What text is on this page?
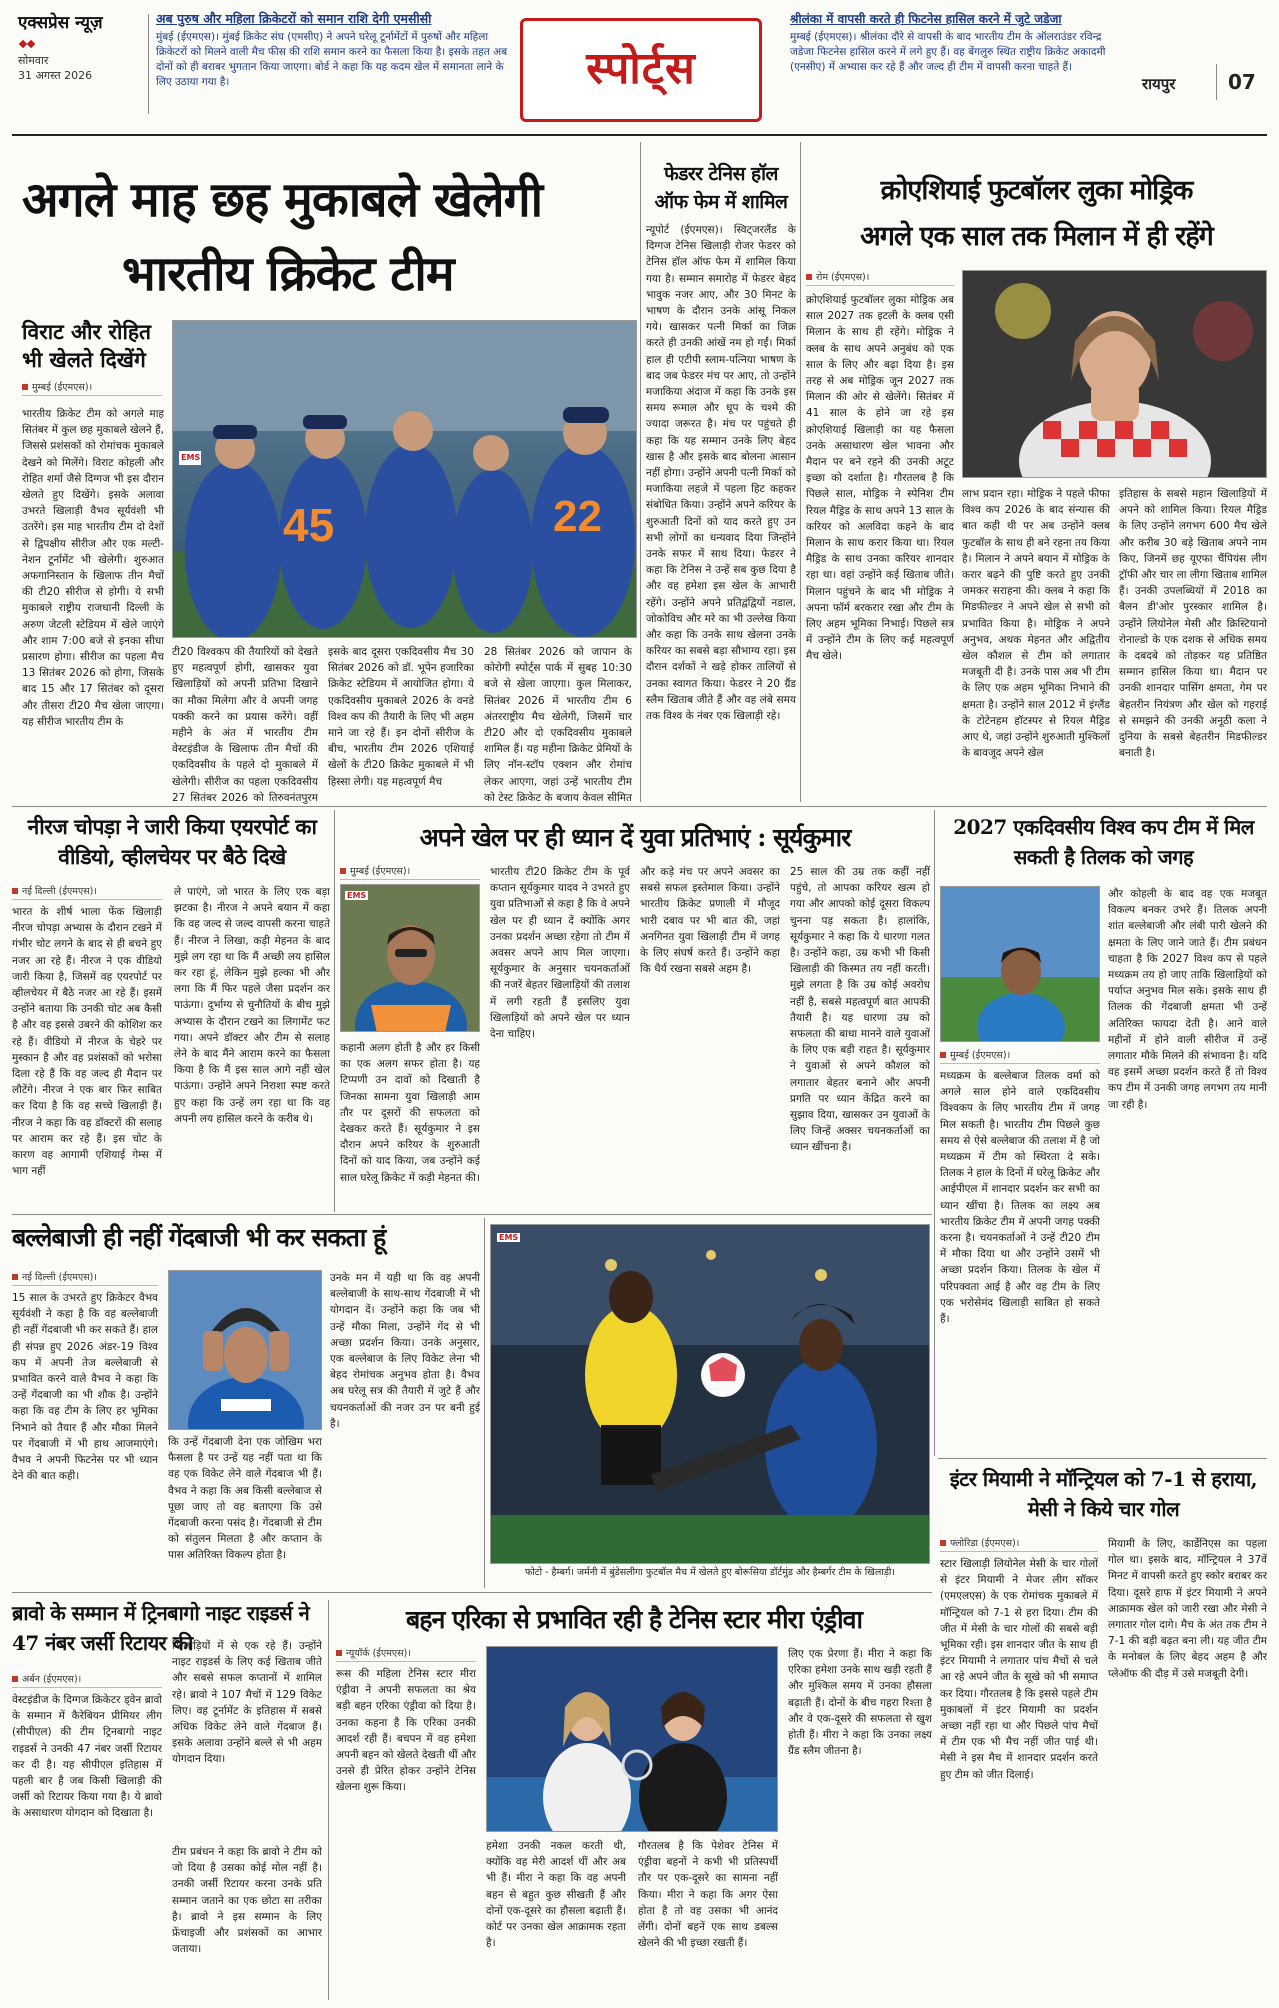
एक्सप्रेस न्यूज़
सोमवार
31 अगस्त 2026
अब पुरुष और महिला क्रिकेटरों को समान राशि देगी एमसीसी
मुंबई (ईएमएस)। मुंबई क्रिकेट संघ (एमसीए) ने अपने घरेलू टूर्नामेंटों में पुरुषों और महिला क्रिकेटरों को मिलने वाली मैच फीस की राशि समान करने का फैसला किया है। इसके तहत अब दोनों को ही बराबर भुगतान किया जाएगा। बोर्ड ने कहा कि यह कदम खेल में समानता लाने के लिए उठाया गया है।	स्पोर्ट्स
श्रीलंका में वापसी करते ही फिटनेस हासिल करने में जुटे जडेजा
मुम्बई (ईएमएस)। श्रीलंका दौरे से वापसी के बाद भारतीय टीम के ऑलराउंडर रविन्द्र जडेजा फिटनेस हासिल करने में लगे हुए हैं। वह बेंगलुरु स्थित राष्ट्रीय क्रिकेट अकादमी (एनसीए) में अभ्यास कर रहे हैं और जल्द ही टीम में वापसी करना चाहते हैं।
रायपुर	07
अगले माह छह मुकाबले खेलेगी
भारतीय क्रिकेट टीम
विराट और रोहित भी खेलते दिखेंगे
मुम्बई (ईएमएस)।
45	22
EMS
भारतीय क्रिकेट टीम को अगले माह सितंबर में कुल छह मुकाबले खेलने हैं, जिससे प्रशंसकों को रोमांचक मुकाबले देखने को मिलेंगे। विराट कोहली और रोहित शर्मा जैसे दिग्गज भी इस दौरान खेलते हुए दिखेंगे। इसके अलावा उभरते खिलाड़ी वैभव सूर्यवंशी भी उतरेंगे। इस माह भारतीय टीम दो देशों से द्विपक्षीय सीरीज और एक मल्टी-नेशन टूर्नामेंट भी खेलेगी। शुरुआत अफगानिस्तान के खिलाफ तीन मैचों की टी20 सीरीज से होगी। ये सभी मुकाबले राष्ट्रीय राजधानी दिल्ली के अरुण जेटली स्टेडियम में खेले जाएंगे और शाम 7:00 बजे से इनका सीधा प्रसारण होगा। सीरीज का पहला मैच 13 सितंबर 2026 को होगा, जिसके बाद 15 और 17 सितंबर को दूसरा और तीसरा टी20 मैच खेला जाएगा। यह सीरीज भारतीय टीम के
टी20 विश्वकप की तैयारियों को देखते हुए महत्वपूर्ण होगी, खासकर युवा खिलाड़ियों को अपनी प्रतिभा दिखाने का मौका मिलेगा और वे अपनी जगह पक्की करने का प्रयास करेंगे। वहीं महीने के अंत में भारतीय टीम वेस्टइंडीज के खिलाफ तीन मैचों की एकदिवसीय के पहले दो मुकाबले में खेलेगी। सीरीज का पहला एकदिवसीय 27 सितंबर 2026 को तिरुवनंतपुरम
इसके बाद दूसरा एकदिवसीय मैच 30 सितंबर 2026 को डॉ. भूपेन हजारिका क्रिकेट स्टेडियम में आयोजित होगा। ये एकदिवसीय मुकाबले 2026 के वनडे विश्व कप की तैयारी के लिए भी अहम माने जा रहे हैं। इन दोनों सीरीज के बीच, भारतीय टीम 2026 एशियाई खेलों के टी20 क्रिकेट मुकाबले में भी हिस्सा लेगी। यह महत्वपूर्ण मैच
28 सितंबर 2026 को जापान के कोरोगी स्पोर्ट्स पार्क में सुबह 10:30 बजे से खेला जाएगा। कुल मिलाकर, सितंबर 2026 में भारतीय टीम 6 अंतरराष्ट्रीय मैच खेलेगी, जिसमें चार टी20 और दो एकदिवसीय मुकाबले शामिल हैं। यह महीना क्रिकेट प्रेमियों के लिए नॉन-स्टॉप एक्शन और रोमांच लेकर आएगा, जहां उन्हें भारतीय टीम को टेस्ट क्रिकेट के बजाय केवल सीमित
फेडरर टेनिस हॉल ऑफ फेम में शामिल
न्यूपोर्ट (ईएमएस)। स्विट्जरलैंड के दिग्गज टेनिस खिलाड़ी रोजर फेडरर को टेनिस हॉल ऑफ फेम में शामिल किया गया है। सम्मान समारोह में फेडरर बेहद भावुक नजर आए, और 30 मिनट के भाषण के दौरान उनके आंसू निकल गये। खासकर पत्नी मिर्का का जिक्र करते ही उनकी आंखें नम हो गईं। मिर्का हाल ही एटीपी स्लाम-पत्निया भाषण के बाद जब फेडरर मंच पर आए, तो उन्होंने मजाकिया अंदाज में कहा कि उनके इस समय रूमाल और धूप के चश्मे की ज्यादा जरूरत है। मंच पर पहुंचते ही कहा कि यह सम्मान उनके लिए बेहद खास है और इसके बाद बोलना आसान नहीं होगा। उन्होंने अपनी पत्नी मिर्का को मजाकिया लहजे में पहला हिट कहकर संबोधित किया। उन्होंने अपने करियर के शुरुआती दिनों को याद करते हुए उन सभी लोगों का धन्यवाद दिया जिन्होंने उनके सफर में साथ दिया। फेडरर ने कहा कि टेनिस ने उन्हें सब कुछ दिया है और वह हमेशा इस खेल के आभारी रहेंगे। उन्होंने अपने प्रतिद्वंद्वियों नडाल, जोकोविच और मरे का भी उल्लेख किया और कहा कि उनके साथ खेलना उनके करियर का सबसे बड़ा सौभाग्य रहा। इस दौरान दर्शकों ने खड़े होकर तालियों से उनका स्वागत किया। फेडरर ने 20 ग्रैंड स्लैम खिताब जीते हैं और वह लंबे समय तक विश्व के नंबर एक खिलाड़ी रहे।
क्रोएशियाई फुटबॉलर लुका मोड्रिक
अगले एक साल तक मिलान में ही रहेंगे
रोम (ईएमएस)।
क्रोएशियाई फुटबॉलर लुका मोड्रिक अब साल 2027 तक इटली के क्लब एसी मिलान के साथ ही रहेंगे। मोड्रिक ने क्लब के साथ अपने अनुबंध को एक साल के लिए और बढ़ा दिया है। इस तरह से अब मोड्रिक जून 2027 तक मिलान की ओर से खेलेंगे। सितंबर में 41 साल के होने जा रहे इस क्रोएशियाई खिलाड़ी का यह फैसला उनके असाधारण खेल भावना और मैदान पर बने रहने की उनकी अटूट इच्छा को दर्शाता है। गौरतलब है कि पिछले साल, मोड्रिक ने स्पेनिश टीम रियल मैड्रिड के साथ अपने 13 साल के करियर को अलविदा कहने के बाद मिलान के साथ करार किया था। रियल मैड्रिड के साथ उनका करियर शानदार रहा था। वहां उन्होंने कई खिताब जीते। मिलान पहुंचने के बाद भी मोड्रिक ने अपना फॉर्म बरकरार रखा और टीम के लिए अहम भूमिका निभाई। पिछले सत्र में उन्होंने टीम के लिए कई महत्वपूर्ण मैच खेले।
लाभ प्रदान रहा। मोड्रिक ने पहले फीफा विश्व कप 2026 के बाद संन्यास की बात कही थी पर अब उन्होंने क्लब फुटबॉल के साथ ही बने रहना तय किया है। मिलान ने अपने बयान में मोड्रिक के करार बढ़ने की पुष्टि करते हुए उनकी जमकर सराहना की। क्लब ने कहा कि मिडफील्डर ने अपने खेल से सभी को प्रभावित किया है। मोड्रिक ने अपने अनुभव, अथक मेहनत और अद्वितीय खेल कौशल से टीम को लगातार मजबूती दी है। उनके पास अब भी टीम के लिए एक अहम भूमिका निभाने की क्षमता है। उन्होंने साल 2012 में इंग्लैंड के टोटेनहम हॉटस्पर से रियल मैड्रिड आए थे, जहां उन्होंने शुरुआती मुश्किलों के बावजूद अपने खेल
इतिहास के सबसे महान खिलाड़ियों में अपने को शामिल किया। रियल मैड्रिड के लिए उन्होंने लगभग 600 मैच खेले और करीब 30 बड़े खिताब अपने नाम किए, जिनमें छह यूएफा चैंपियंस लीग ट्रॉफी और चार ला लीगा खिताब शामिल हैं। उनकी उपलब्धियों में 2018 का बैलन डी'ओर पुरस्कार शामिल है। उन्होंने लियोनेल मेसी और क्रिस्टियानो रोनाल्डो के एक दशक से अधिक समय के दबदबे को तोड़कर यह प्रतिष्ठित सम्मान हासिल किया था। मैदान पर उनकी शानदार पासिंग क्षमता, गेम पर बेहतरीन नियंत्रण और खेल को गहराई से समझने की उनकी अनूठी कला ने दुनिया के सबसे बेहतरीन मिडफील्डर बनाती है।
नीरज चोपड़ा ने जारी किया एयरपोर्ट का वीडियो, व्हीलचेयर पर बैठे दिखे
नई दिल्ली (ईएमएस)।
भारत के शीर्ष भाला फेंक खिलाड़ी नीरज चोपड़ा अभ्यास के दौरान टखने में गंभीर चोट लगने के बाद से ही बचने हुए नजर आ रहे हैं। नीरज ने एक वीडियो जारी किया है, जिसमें वह एयरपोर्ट पर व्हीलचेयर में बैठे नजर आ रहे हैं। इसमें उन्होंने बताया कि उनकी चोट अब कैसी है और वह इससे उबरने की कोशिश कर रहे हैं। वीडियो में नीरज के चेहरे पर मुस्कान है और वह प्रशंसकों को भरोसा दिला रहे हैं कि वह जल्द ही मैदान पर लौटेंगे। नीरज ने एक बार फिर साबित कर दिया है कि वह सच्चे खिलाड़ी हैं। नीरज ने कहा कि वह डॉक्टरों की सलाह पर आराम कर रहे हैं। इस चोट के कारण वह आगामी एशियाई गेम्स में भाग नहीं
ले पाएंगे, जो भारत के लिए एक बड़ा झटका है। नीरज ने अपने बयान में कहा कि वह जल्द से जल्द वापसी करना चाहते हैं। नीरज ने लिखा, कड़ी मेहनत के बाद मुझे लग रहा था कि मैं अच्छी लय हासिल कर रहा हूं, लेकिन मुझे हल्का भी और लगा कि मैं फिर पहले जैसा प्रदर्शन कर पाऊंगा। दुर्भाग्य से चुनौतियों के बीच मुझे अभ्यास के दौरान टखने का लिगामेंट फट गया। अपने डॉक्टर और टीम से सलाह लेने के बाद मैंने आराम करने का फैसला किया है कि मैं इस साल आगे नहीं खेल पाऊंगा। उन्होंने अपने निराशा स्पष्ट करते हुए कहा कि उन्हें लग रहा था कि वह अपनी लय हासिल करने के करीब थे।
अपने खेल पर ही ध्यान दें युवा प्रतिभाएं : सूर्यकुमार
मुम्बई (ईएमएस)।
EMS
भारतीय टी20 क्रिकेट टीम के पूर्व कप्तान सूर्यकुमार यादव ने उभरते हुए युवा प्रतिभाओं से कहा है कि वे अपने खेल पर ही ध्यान दें क्योंकि अगर उनका प्रदर्शन अच्छा रहेगा तो टीम में अवसर अपने आप मिल जाएगा। सूर्यकुमार के अनुसार चयनकर्ताओं की नजरें बेहतर खिलाड़ियों की तलाश में लगी रहती हैं इसलिए युवा खिलाड़ियों को अपने खेल पर ध्यान देना चाहिए।
कहानी अलग होती है और हर किसी का एक अलग सफर होता है। यह टिप्पणी उन दावों को दिखाती है जिनका सामना युवा खिलाड़ी आम तौर पर दूसरों की सफलता को देखकर करते हैं। सूर्यकुमार ने इस दौरान अपने करियर के शुरुआती दिनों को याद किया, जब उन्होंने कई साल घरेलू क्रिकेट में कड़ी मेहनत की।
और कड़े मंच पर अपने अवसर का सबसे सफल इस्तेमाल किया। उन्होंने भारतीय क्रिकेट प्रणाली में मौजूद भारी दबाव पर भी बात की, जहां अनगिनत युवा खिलाड़ी टीम में जगह के लिए संघर्ष करते हैं। उन्होंने कहा कि धैर्य रखना सबसे अहम है।
25 साल की उम्र तक कहीं नहीं पहुंचे, तो आपका करियर खत्म हो गया और आपको कोई दूसरा विकल्प चुनना पड़ सकता है। हालांकि, सूर्यकुमार ने कहा कि ये धारणा गलत है। उन्होंने कहा, उम्र कभी भी किसी खिलाड़ी की किस्मत तय नहीं करती। मुझे लगता है कि उम्र कोई अवरोध नहीं है, सबसे महत्वपूर्ण बात आपकी तैयारी है। यह धारणा उम्र को सफलता की बाधा मानने वाले युवाओं के लिए एक बड़ी राहत है। सूर्यकुमार ने युवाओं से अपने कौशल को लगातार बेहतर बनाने और अपनी प्रगति पर ध्यान केंद्रित करने का सुझाव दिया, खासकर उन युवाओं के लिए जिन्हें अक्सर चयनकर्ताओं का ध्यान खींचना है।
2027 एकदिवसीय विश्व कप टीम में मिल सकती है तिलक को जगह
और कोहली के बाद वह एक मजबूत विकल्प बनकर उभरे हैं। तिलक अपनी शांत बल्लेबाजी और लंबी पारी खेलने की क्षमता के लिए जाने जाते हैं। टीम प्रबंधन चाहता है कि 2027 विश्व कप से पहले मध्यक्रम तय हो जाए ताकि खिलाड़ियों को पर्याप्त अनुभव मिल सके। इसके साथ ही तिलक की गेंदबाजी क्षमता भी उन्हें अतिरिक्त फायदा देती है। आने वाले महीनों में होने वाली सीरीज में उन्हें लगातार मौके मिलने की संभावना है। यदि वह इसमें अच्छा प्रदर्शन करते हैं तो विश्व कप टीम में उनकी जगह लगभग तय मानी जा रही है।
मुम्बई (ईएमएस)।
मध्यक्रम के बल्लेबाज तिलक वर्मा को अगले साल होने वाले एकदिवसीय विश्वकप के लिए भारतीय टीम में जगह मिल सकती है। भारतीय टीम पिछले कुछ समय से ऐसे बल्लेबाज की तलाश में है जो मध्यक्रम में टीम को स्थिरता दे सके। तिलक ने हाल के दिनों में घरेलू क्रिकेट और आईपीएल में शानदार प्रदर्शन कर सभी का ध्यान खींचा है। तिलक का लक्ष्य अब भारतीय क्रिकेट टीम में अपनी जगह पक्की करना है। चयनकर्ताओं ने उन्हें टी20 टीम में मौका दिया था और उन्होंने उसमें भी अच्छा प्रदर्शन किया। तिलक के खेल में परिपक्वता आई है और वह टीम के लिए एक भरोसेमंद खिलाड़ी साबित हो सकते हैं।
बल्लेबाजी ही नहीं गेंदबाजी भी कर सकता हूं
नई दिल्ली (ईएमएस)।
15 साल के उभरते हुए क्रिकेटर वैभव सूर्यवंशी ने कहा है कि वह बल्लेबाजी ही नहीं गेंदबाजी भी कर सकते हैं। हाल ही संपन्न हुए 2026 अंडर-19 विश्व कप में अपनी तेज बल्लेबाजी से प्रभावित करने वाले वैभव ने कहा कि उन्हें गेंदबाजी का भी शौक है। उन्होंने कहा कि वह टीम के लिए हर भूमिका निभाने को तैयार हैं और मौका मिलने पर गेंदबाजी में भी हाथ आजमाएंगे। वैभव ने अपनी फिटनेस पर भी ध्यान देने की बात कही।
कि उन्हें गेंदबाजी देना एक जोखिम भरा फैसला है पर उन्हें यह नहीं पता था कि वह एक विकेट लेने वाले गेंदबाज भी हैं। वैभव ने कहा कि अब किसी बल्लेबाज से पूछा जाए तो वह बताएगा कि उसे गेंदबाजी करना पसंद है। गेंदबाजी से टीम को संतुलन मिलता है और कप्तान के पास अतिरिक्त विकल्प होता है।
उनके मन में यही था कि वह अपनी बल्लेबाजी के साथ-साथ गेंदबाजी में भी योगदान दें। उन्होंने कहा कि जब भी उन्हें मौका मिला, उन्होंने गेंद से भी अच्छा प्रदर्शन किया। उनके अनुसार, एक बल्लेबाज के लिए विकेट लेना भी बेहद रोमांचक अनुभव होता है। वैभव अब घरेलू सत्र की तैयारी में जुटे हैं और चयनकर्ताओं की नजर उन पर बनी हुई है।
EMS
फोटो - हैम्बर्ग। जर्मनी में बुंडेसलीगा फुटबॉल मैच में खेलते हुए बोरूसिया डॉर्टमुंड और हैम्बर्गर टीम के खिलाड़ी।
इंटर मियामी ने मॉन्ट्रियल को 7-1 से हराया, मेसी ने किये चार गोल
फ्लोरिडा (ईएमएस)।
स्टार खिलाड़ी लियोनेल मेसी के चार गोलों से इंटर मियामी ने मेजर लीग सॉकर (एमएलएस) के एक रोमांचक मुकाबले में मॉन्ट्रियल को 7-1 से हरा दिया। टीम की जीत में मेसी के चार गोलों की सबसे बड़ी भूमिका रही। इस शानदार जीत के साथ ही इंटर मियामी ने लगातार पांच मैचों से चले आ रहे अपने जीत के सूखे को भी समाप्त कर दिया। गौरतलब है कि इससे पहले टीम मुकाबलों में इंटर मियामी का प्रदर्शन अच्छा नहीं रहा था और पिछले पांच मैचों में टीम एक भी मैच नहीं जीत पाई थी। मेसी ने इस मैच में शानदार प्रदर्शन करते हुए टीम को जीत दिलाई।
मियामी के लिए, कार्डेनिएस का पहला गोल था। इसके बाद, मॉन्ट्रियल ने 37वें मिनट में वापसी करते हुए स्कोर बराबर कर दिया। दूसरे हाफ में इंटर मियामी ने अपने आक्रामक खेल को जारी रखा और मेसी ने लगातार गोल दागे। मैच के अंत तक टीम ने 7-1 की बड़ी बढ़त बना ली। यह जीत टीम के मनोबल के लिए बेहद अहम है और प्लेऑफ की दौड़ में उसे मजबूती देगी।
ब्रावो के सम्मान में ट्रिनबागो नाइट राइडर्स ने 47 नंबर जर्सी रिटायर की
अर्बन (ईएमएस)।
वेस्टइंडीज के दिग्गज क्रिकेटर ड्वेन ब्रावो के सम्मान में कैरेबियन प्रीमियर लीग (सीपीएल) की टीम ट्रिनबागो नाइट राइडर्स ने उनकी 47 नंबर जर्सी रिटायर कर दी है। यह सीपीएल इतिहास में पहली बार है जब किसी खिलाड़ी की जर्सी को रिटायर किया गया है। ये ब्रावो के असाधारण योगदान को दिखाता है।
खिलाड़ियों में से एक रहे हैं। उन्होंने नाइट राइडर्स के लिए कई खिताब जीते और सबसे सफल कप्तानों में शामिल रहे। ब्रावो ने 107 मैचों में 129 विकेट लिए। वह टूर्नामेंट के इतिहास में सबसे अधिक विकेट लेने वाले गेंदबाज हैं। इसके अलावा उन्होंने बल्ले से भी अहम योगदान दिया।
टीम प्रबंधन ने कहा कि ब्रावो ने टीम को जो दिया है उसका कोई मोल नहीं है। उनकी जर्सी रिटायर करना उनके प्रति सम्मान जताने का एक छोटा सा तरीका है। ब्रावो ने इस सम्मान के लिए फ्रेंचाइजी और प्रशंसकों का आभार जताया।
बहन एरिका से प्रभावित रही है टेनिस स्टार मीरा एंड्रीवा
न्यूयॉर्क (ईएमएस)।
रूस की महिला टेनिस स्टार मीरा एंड्रीवा ने अपनी सफलता का श्रेय बड़ी बहन एरिका एंड्रीवा को दिया है। उनका कहना है कि एरिका उनकी आदर्श रही हैं। बचपन में वह हमेशा अपनी बहन को खेलते देखती थीं और उनसे ही प्रेरित होकर उन्होंने टेनिस खेलना शुरू किया।
हमेशा उनकी नकल करती थी, क्योंकि वह मेरी आदर्श थीं और अब भी हैं। मीरा ने कहा कि वह अपनी बहन से बहुत कुछ सीखती हैं और दोनों एक-दूसरे का हौसला बढ़ाती हैं। कोर्ट पर उनका खेल आक्रामक रहता है।
गौरतलब है कि पेशेवर टेनिस में एंड्रीवा बहनों ने कभी भी प्रतिस्पर्धी तौर पर एक-दूसरे का सामना नहीं किया। मीरा ने कहा कि अगर ऐसा होता है तो वह उसका भी आनंद लेंगी। दोनों बहनें एक साथ डबल्स खेलने की भी इच्छा रखती हैं।
लिए एक प्रेरणा हैं। मीरा ने कहा कि एरिका हमेशा उनके साथ खड़ी रहती हैं और मुश्किल समय में उनका हौसला बढ़ाती हैं। दोनों के बीच गहरा रिश्ता है और वे एक-दूसरे की सफलता से खुश होती हैं। मीरा ने कहा कि उनका लक्ष्य ग्रैंड स्लैम जीतना है।
